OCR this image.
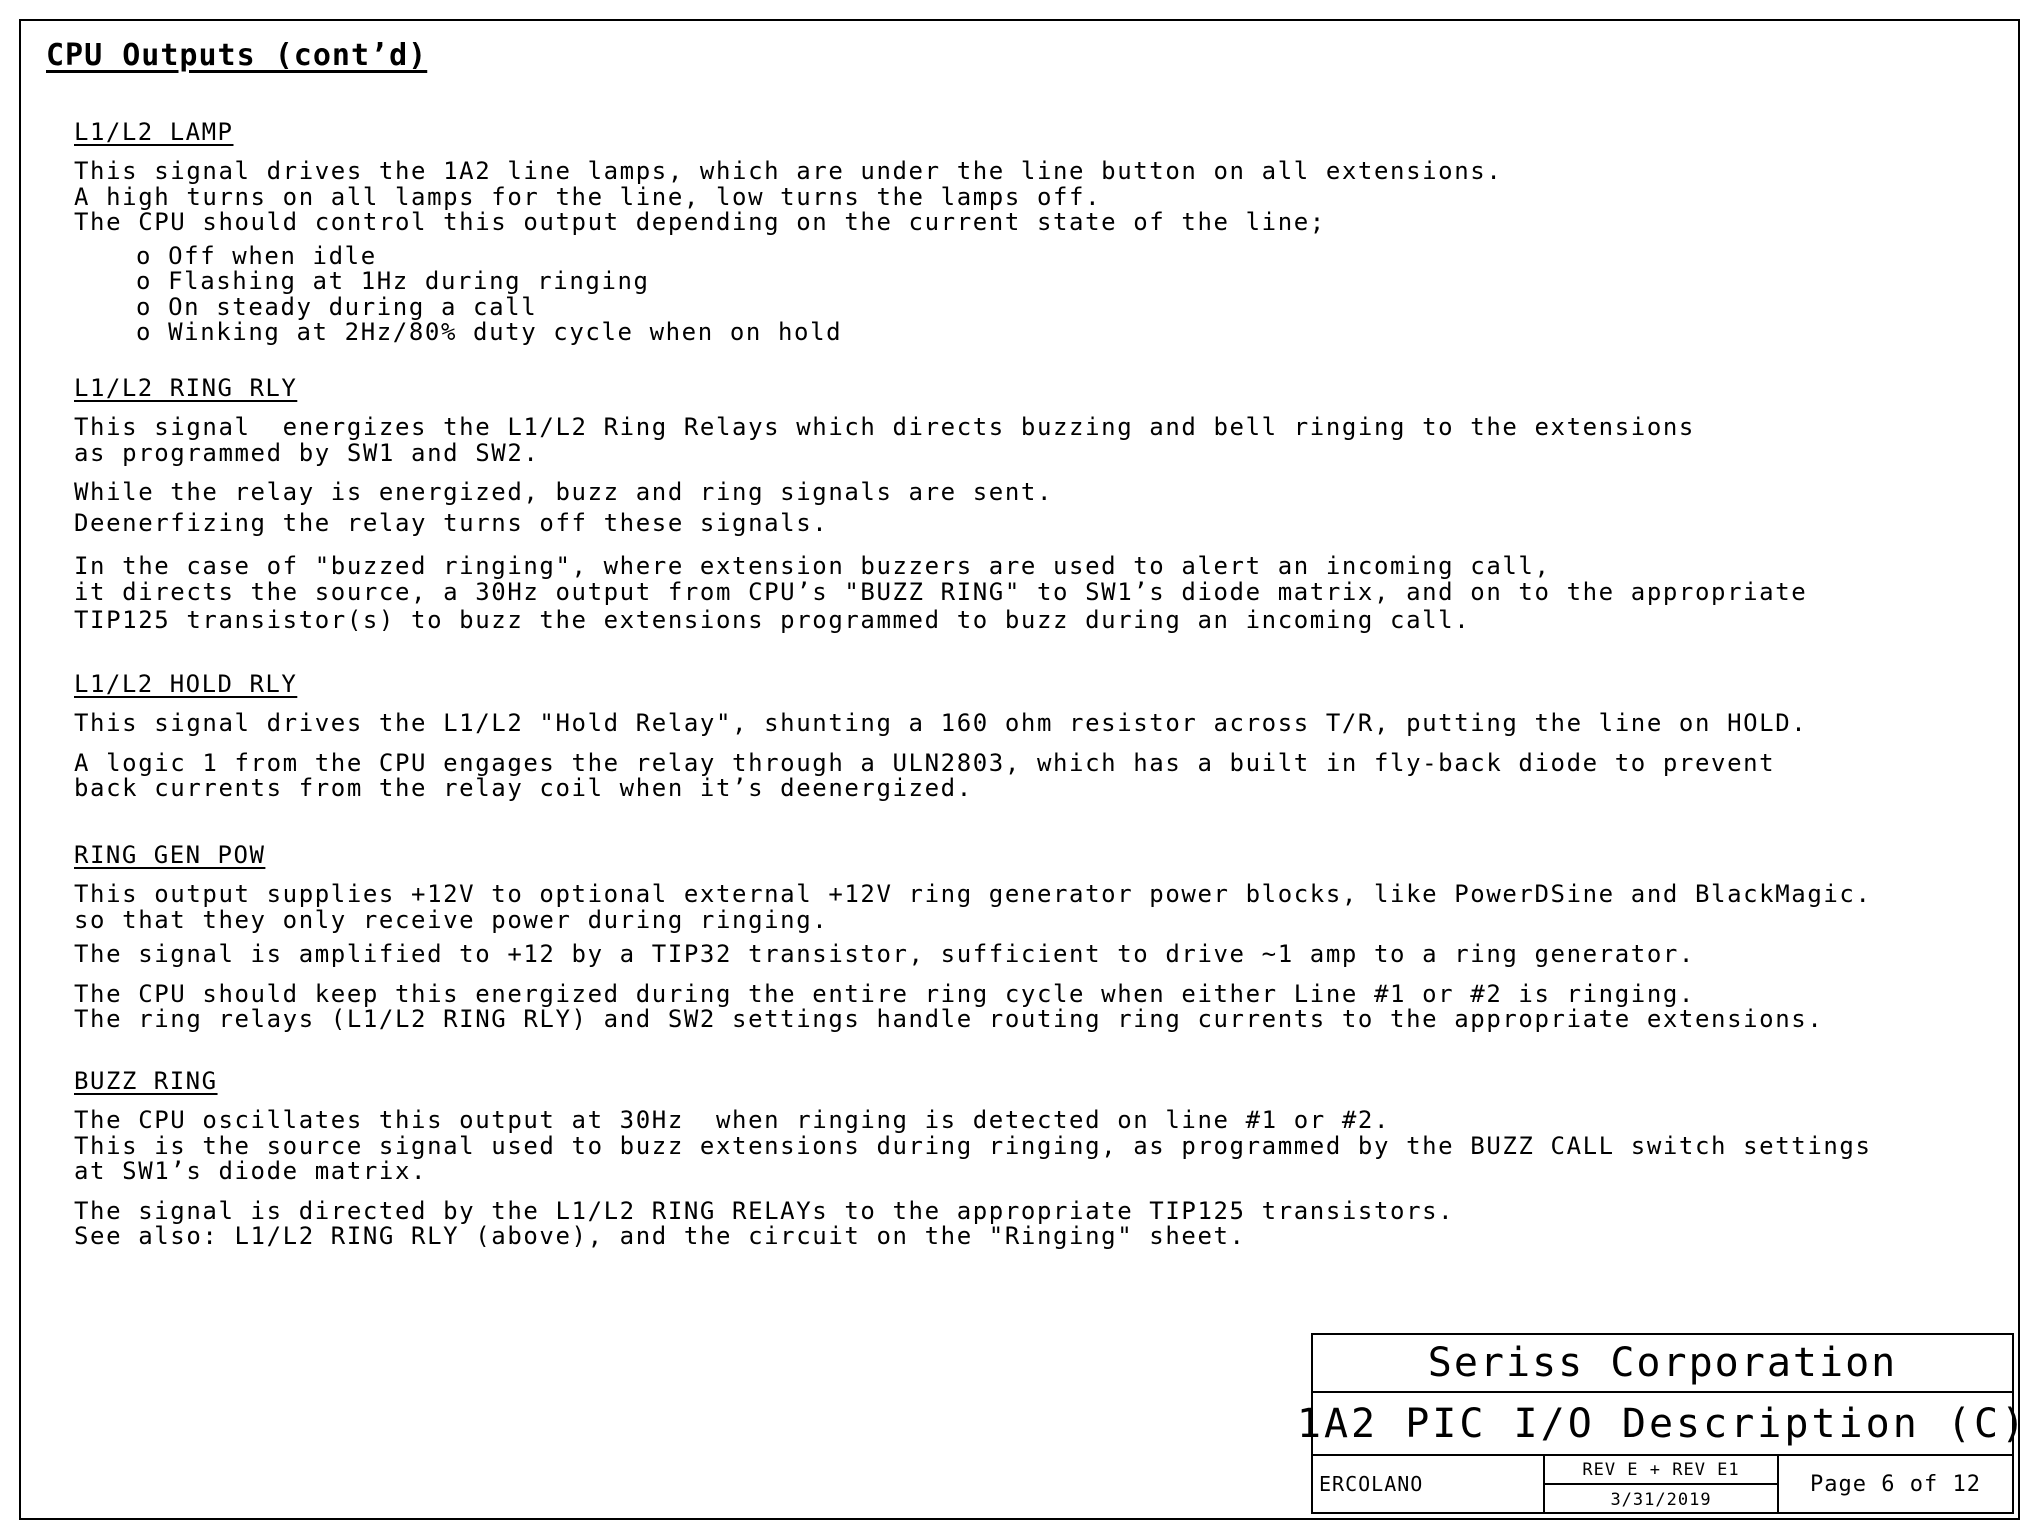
CPU Outputs (cont’d)
L1/L2 LAMP
This signal drives the 1A2 line lamps, which are under the line button on all extensions.
A high turns on all lamps for the line, low turns the lamps off.
The CPU should control this output depending on the current state of the line;
o Off when idle
o Flashing at 1Hz during ringing
o On steady during a call
o Winking at 2Hz/80% duty cycle when on hold
L1/L2 RING RLY
This signal  energizes the L1/L2 Ring Relays which directs buzzing and bell ringing to the extensions
as programmed by SW1 and SW2.
While the relay is energized, buzz and ring signals are sent.
Deenerfizing the relay turns off these signals.
In the case of "buzzed ringing", where extension buzzers are used to alert an incoming call,
it directs the source, a 30Hz output from CPU’s "BUZZ RING" to SW1’s diode matrix, and on to the appropriate
TIP125 transistor(s) to buzz the extensions programmed to buzz during an incoming call.
L1/L2 HOLD RLY
This signal drives the L1/L2 "Hold Relay", shunting a 160 ohm resistor across T/R, putting the line on HOLD.
A logic 1 from the CPU engages the relay through a ULN2803, which has a built in fly-back diode to prevent
back currents from the relay coil when it’s deenergized.
RING GEN POW
This output supplies +12V to optional external +12V ring generator power blocks, like PowerDSine and BlackMagic.
so that they only receive power during ringing.
The signal is amplified to +12 by a TIP32 transistor, sufficient to drive ~1 amp to a ring generator.
The CPU should keep this energized during the entire ring cycle when either Line #1 or #2 is ringing.
The ring relays (L1/L2 RING RLY) and SW2 settings handle routing ring currents to the appropriate extensions.
BUZZ RING
The CPU oscillates this output at 30Hz  when ringing is detected on line #1 or #2.
This is the source signal used to buzz extensions during ringing, as programmed by the BUZZ CALL switch settings
at SW1’s diode matrix.
The signal is directed by the L1/L2 RING RELAYs to the appropriate TIP125 transistors.
See also: L1/L2 RING RLY (above), and the circuit on the "Ringing" sheet.
Seriss Corporation
1A2 PIC I/O Description (C)
ERCOLANO
REV E + REV E1
3/31/2019
Page 6 of 12
